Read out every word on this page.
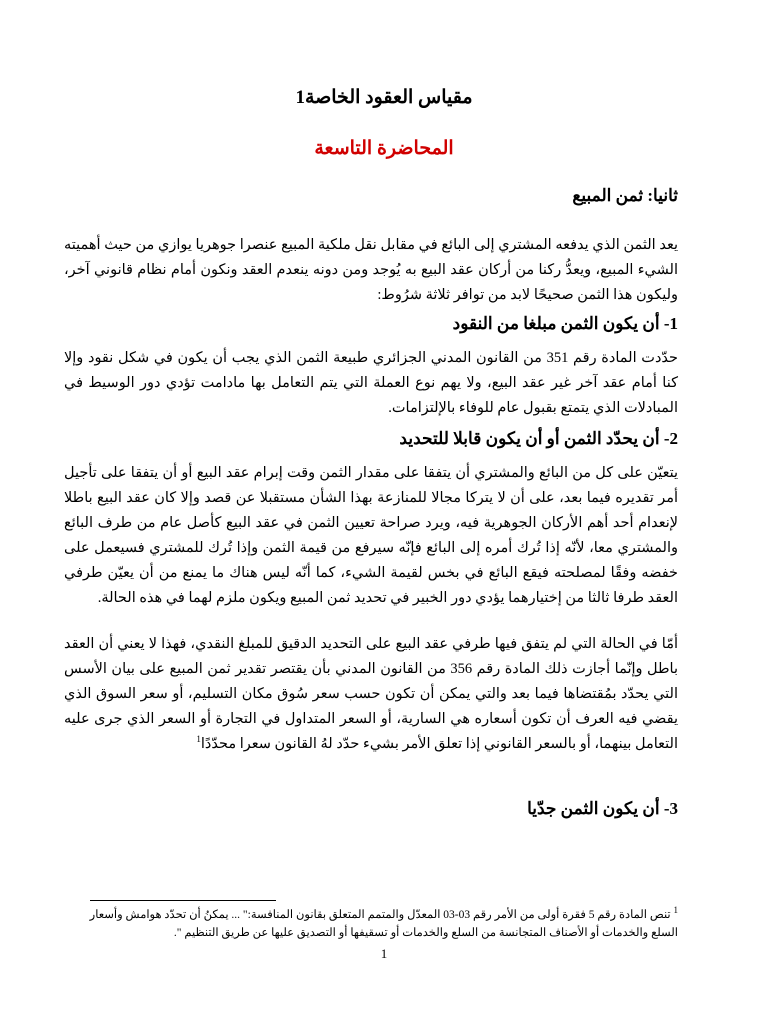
مقياس العقود الخاصة1
المحاضرة التاسعة
ثانيا: ثمن المبيع

يعد الثمن الذي يدفعه المشتري إلى البائع في مقابل نقل ملكية المبيع عنصرا جوهريا يوازي من حيث أهميته الشيء المبيع، ويعدُّ ركنا من أركان عقد البيع به يُوجد ومن دونه ينعدم العقد ونكون أمام نظام قانوني آخر، وليكون هذا الثمن صحيحًا لابد من توافر ثلاثة شرُوط:

1- أن يكون الثمن مبلغا من النقود

حدّدت المادة رقم 351 من القانون المدني الجزائري طبيعة الثمن الذي يجب أن يكون في شكل نقود وإلا كنا أمام عقد آخر غير عقد البيع، ولا يهم نوع العملة التي يتم التعامل بها مادامت تؤدي دور الوسيط في المبادلات الذي يتمتع بقبول عام للوفاء بالإلتزامات.

2- أن يحدّد الثمن أو أن يكون قابلا للتحديد

يتعيّن على كل من البائع والمشتري أن يتفقا على مقدار الثمن وقت إبرام عقد البيع أو أن يتفقا على تأجيل أمر تقديره فيما بعد، على أن لا يتركا مجالا للمنازعة بهذا الشأن مستقبلا عن قصد وإلا كان عقد البيع باطلا لإنعدام أحد أهم الأركان الجوهرية فيه، ويرد صراحة تعيين الثمن في عقد البيع كأصل عام من طرف البائع والمشتري معا، لأنّه إذا تُرك أمره إلى البائع فإنّه سيرفع من قيمة الثمن وإذا تُرك للمشتري فسيعمل على خفضه وفقًا لمصلحته فيقع البائع في بخس لقيمة الشيء، كما أنّه ليس هناك ما يمنع من أن يعيّن طرفي العقد طرفا ثالثا من إختيارهما يؤدي دور الخبير في تحديد ثمن المبيع ويكون ملزم لهما في هذه الحالة.

أمّا في الحالة التي لم يتفق فيها طرفي عقد البيع على التحديد الدقيق للمبلغ النقدي، فهذا لا يعني أن العقد باطل وإنّما أجازت ذلك المادة رقم 356 من القانون المدني بأن يقتصر تقدير ثمن المبيع على بيان الأسس التي يحدّد بمُقتضاها فيما بعد والتي يمكن أن تكون حسب سعر سُوق مكان التسليم، أو سعر السوق الذي يقضي فيه العرف أن تكون أسعاره هي السارية، أو السعر المتداول في التجارة أو السعر الذي جرى عليه التعامل بينهما، أو بالسعر القانوني إذا تعلق الأمر بشيء حدّد لهُ القانون سعرا محدّدًا$^1$

3- أن يكون الثمن جدّيا

$^1$ تنص المادة رقم 5 فقرة أولى من الأمر رقم 03-03 المعدّل والمتمم المتعلق بقانون المنافسة:" ... يمكنُ أن تحدّد هوامش وأسعار السلع والخدمات أو الأصناف المتجانسة من السلع والخدمات أو تسقيفها أو التصديق عليها عن طريق التنظيم ".

1
